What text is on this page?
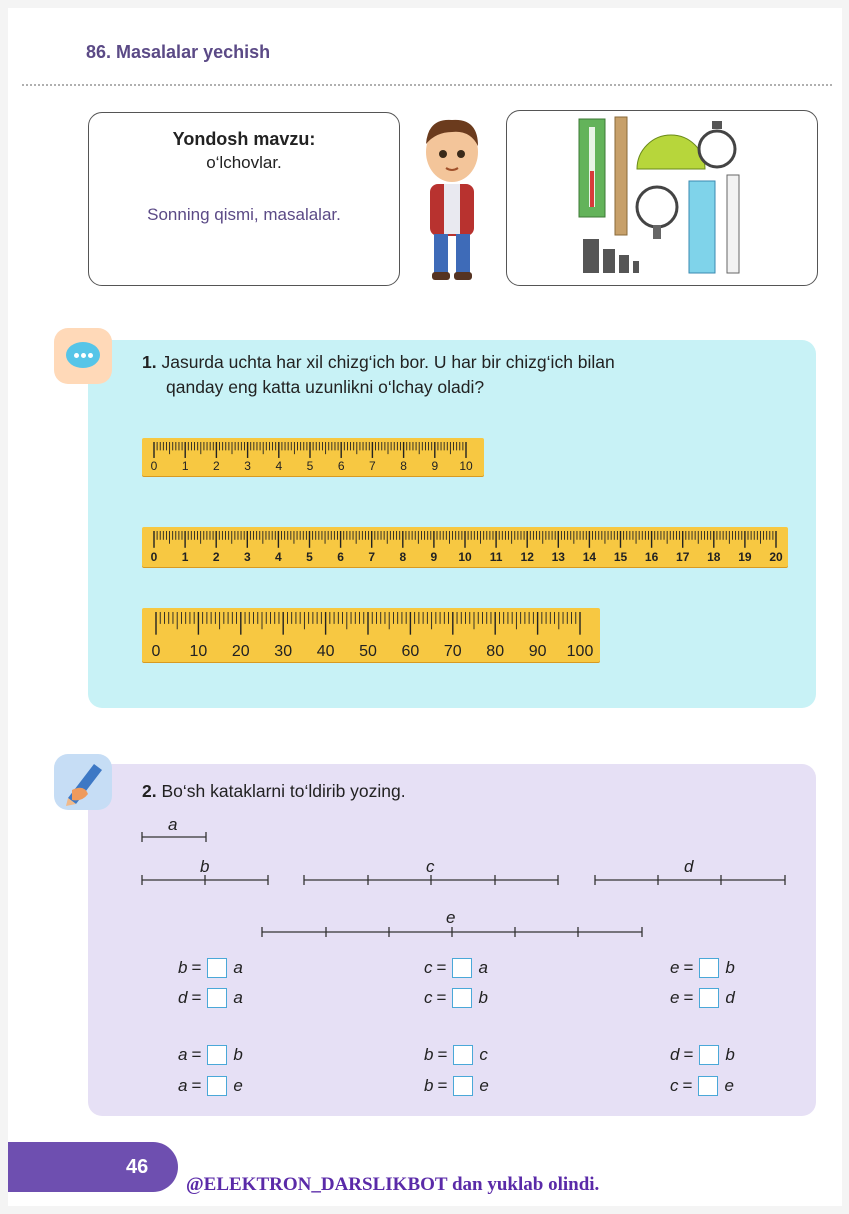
86. Masalalar yechish
Yondosh mavzu:
o‘lchovlar.
Sonning qismi, masalalar.
1. Jasurda uchta har xil chizg‘ich bor. U har bir chizg‘ich bilan
qanday eng katta uzunlikni o‘lchay oladi?
0 1 2 3 4 5 6 7 8 9 10
0 1 2 3 4 5 6 7 8 9 10 11 12 13 14 15 16 17 18 19 20
0 10 20 30 40 50 60 70 80 90 100
2. Bo‘sh kataklarni to‘ldirib yozing.
a
b	c	d
e
b = a	c = a	e = b
d = a	c = b	e = d
a = b	b = c	d = b
a = e	b = e	c = e
46
@ELEKTRON_DARSLIKBOT dan yuklab olindi.
